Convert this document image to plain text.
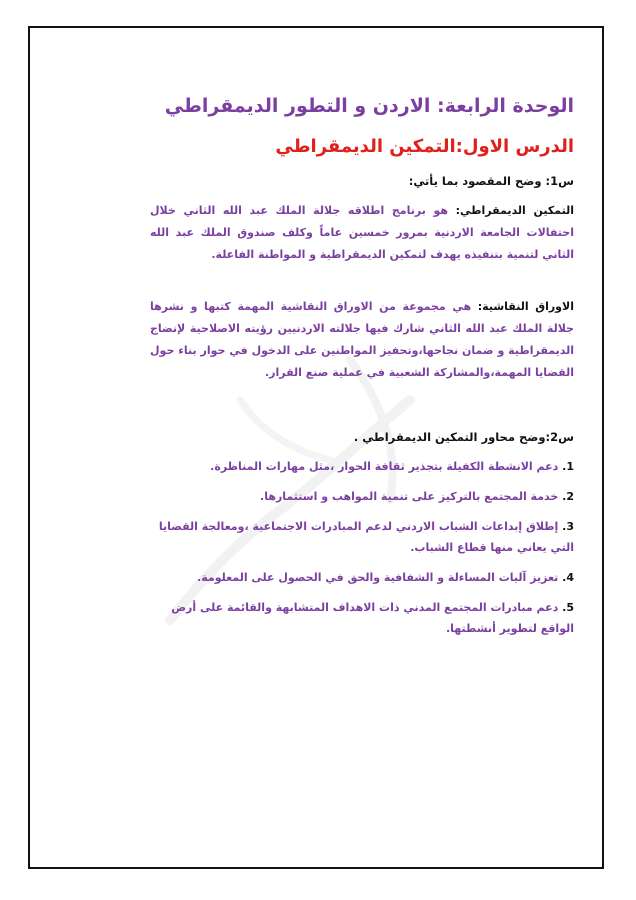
الوحدة الرابعة: الاردن و التطور الديمقراطي
الدرس الاول:التمكين الديمقراطي

س1: وضح المقصود بما يأتي:

التمكين الديمقراطي: هو برنامج اطلاقه جلالة الملك عبد الله الثاني خلال احتفالات الجامعة الاردنية بمرور خمسين عاماً وكلف صندوق الملك عبد الله الثاني لتنمية بتنفيذه يهدف لتمكين الديمقراطية و المواطنة الفاعلة.

الاوراق النقاشية: هي مجموعة من الاوراق النقاشية المهمة كتبها و نشرها جلالة الملك عبد الله الثاني شارك فيها جلالته الاردنيين رؤيته الاصلاحية لإنضاج الديمقراطية و ضمان نجاحها،وتحفيز المواطنين على الدخول في حوار بناء حول القضايا المهمة،والمشاركة الشعبية في عملية صنع القرار.

س2:وضح محاور التمكين الديمقراطي .

1. دعم الانشطة الكفيلة بتجذير ثقافة الحوار ،مثل مهارات المناظرة.
2. خدمة المجتمع بالتركيز على تنمية المواهب و استثمارها.
3. إطلاق إبداعات الشباب الاردني لدعم المبادرات الاجتماعية ،ومعالجة القضايا التي يعاني منها قطاع الشباب.
4. تعزيز آليات المساءلة و الشفافية والحق في الحصول على المعلومة.
5. دعم مبادرات المجتمع المدني ذات الاهداف المتشابهة والقائمة على أرض الواقع لتطوير أنشطتها.
